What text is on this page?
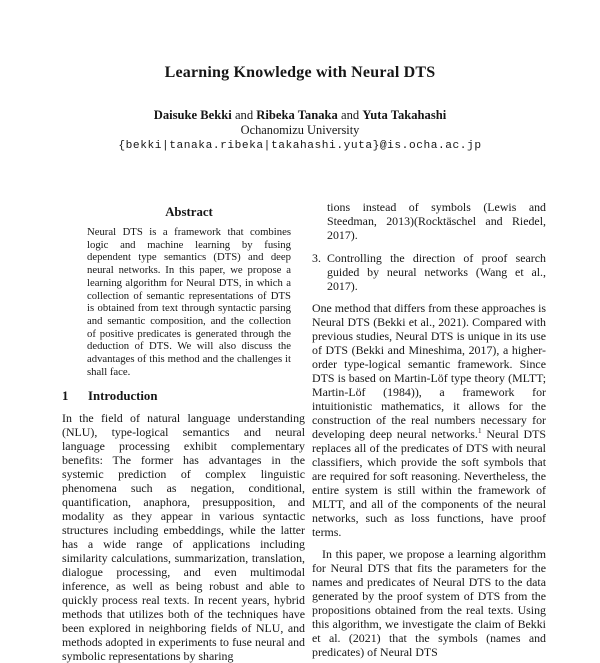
Learning Knowledge with Neural DTS
Daisuke Bekki and Ribeka Tanaka and Yuta Takahashi
Ochanomizu University
{bekki|tanaka.ribeka|takahashi.yuta}@is.ocha.ac.jp
Abstract
Neural DTS is a framework that combines logic and machine learning by fusing dependent type semantics (DTS) and deep neural networks. In this paper, we propose a learning algorithm for Neural DTS, in which a collection of semantic representations of DTS is obtained from text through syntactic parsing and semantic composition, and the collection of positive predicates is generated through the deduction of DTS. We will also discuss the advantages of this method and the challenges it shall face.
1 Introduction

In the field of natural language understanding (NLU), type-logical semantics and neural language processing exhibit complementary benefits: The former has advantages in the systemic prediction of complex linguistic phenomena such as negation, conditional, quantification, anaphora, presupposition, and modality as they appear in various syntactic structures including embeddings, while the latter has a wide range of applications including similarity calculations, summarization, translation, dialogue processing, and even multimodal inference, as well as being robust and able to quickly process real texts. In recent years, hybrid methods that utilizes both of the techniques have been explored in neighboring fields of NLU, and methods adopted in experiments to fuse neural and symbolic representations by sharing

tions instead of symbols (Lewis and Steedman, 2013)(Rocktäschel and Riedel, 2017).
3. Controlling the direction of proof search guided by neural networks (Wang et al., 2017).

One method that differs from these approaches is Neural DTS (Bekki et al., 2021). Compared with previous studies, Neural DTS is unique in its use of DTS (Bekki and Mineshima, 2017), a higher-order type-logical semantic framework. Since DTS is based on Martin-Löf type theory (MLTT; Martin-Löf (1984)), a framework for intuitionistic mathematics, it allows for the construction of the real numbers necessary for developing deep neural networks.$^1$ Neural DTS replaces all of the predicates of DTS with neural classifiers, which provide the soft symbols that are required for soft reasoning. Nevertheless, the entire system is still within the framework of MLTT, and all of the components of the neural networks, such as loss functions, have proof terms.

In this paper, we propose a learning algorithm for Neural DTS that fits the parameters for the names and predicates of Neural DTS to the data generated by the proof system of DTS from the propositions obtained from the real texts. Using this algorithm, we investigate the claim of Bekki et al. (2021) that the symbols (names and predicates) of Neural DTS
